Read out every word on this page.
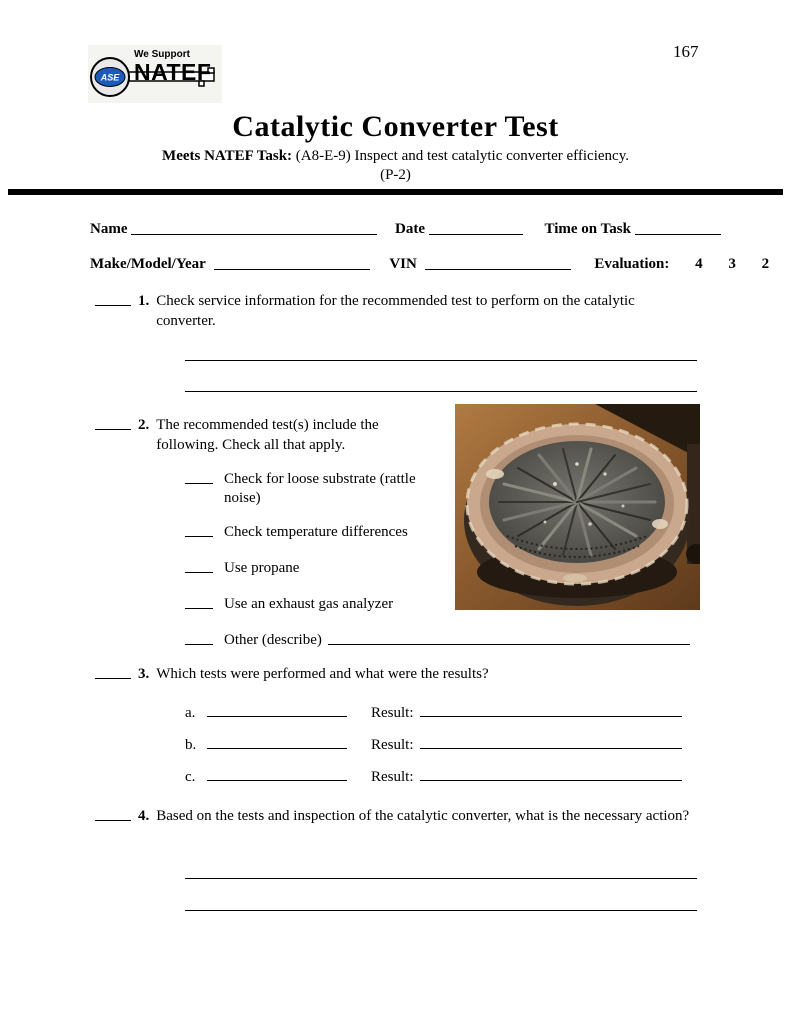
ASE
We Support
NATEF
167
Catalytic Converter Test
Meets NATEF Task: (A8-E-9) Inspect and test catalytic converter efficiency.
(P-2)
Name	Date	Time on Task
Make/Model/Year	VIN	Evaluation: 4 3 2
1. Check service information for the recommended test to perform on the catalytic converter.
2. The recommended test(s) include the following. Check all that apply.
Check for loose substrate (rattle noise)
Check temperature differences
Use propane
Use an exhaust gas analyzer
Other (describe)
3. Which tests were performed and what were the results?
a.	Result:
b.	Result:
c.	Result:
4. Based on the tests and inspection of the catalytic converter, what is the necessary action?
